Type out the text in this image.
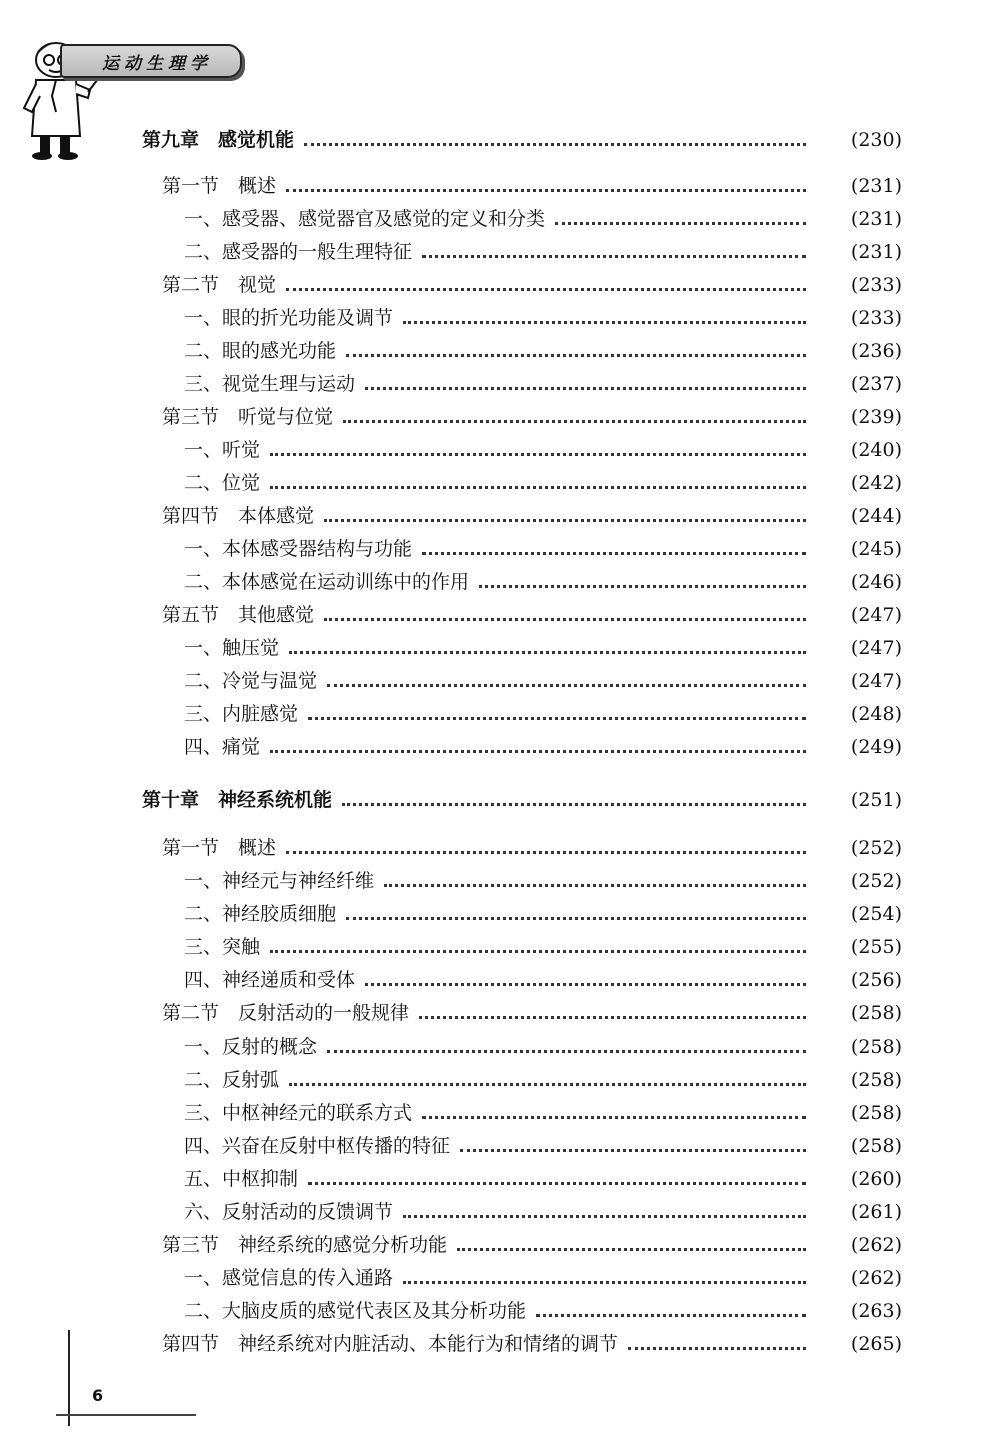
运动生理学
第九章　感觉机能	(230)
第一节　概述	(231)
一、感受器、感觉器官及感觉的定义和分类	(231)
二、感受器的一般生理特征	(231)
第二节　视觉	(233)
一、眼的折光功能及调节	(233)
二、眼的感光功能	(236)
三、视觉生理与运动	(237)
第三节　听觉与位觉	(239)
一、听觉	(240)
二、位觉	(242)
第四节　本体感觉	(244)
一、本体感受器结构与功能	(245)
二、本体感觉在运动训练中的作用	(246)
第五节　其他感觉	(247)
一、触压觉	(247)
二、冷觉与温觉	(247)
三、内脏感觉	(248)
四、痛觉	(249)
第十章　神经系统机能	(251)
第一节　概述	(252)
一、神经元与神经纤维	(252)
二、神经胶质细胞	(254)
三、突触	(255)
四、神经递质和受体	(256)
第二节　反射活动的一般规律	(258)
一、反射的概念	(258)
二、反射弧	(258)
三、中枢神经元的联系方式	(258)
四、兴奋在反射中枢传播的特征	(258)
五、中枢抑制	(260)
六、反射活动的反馈调节	(261)
第三节　神经系统的感觉分析功能	(262)
一、感觉信息的传入通路	(262)
二、大脑皮质的感觉代表区及其分析功能	(263)
第四节　神经系统对内脏活动、本能行为和情绪的调节	(265)
6
